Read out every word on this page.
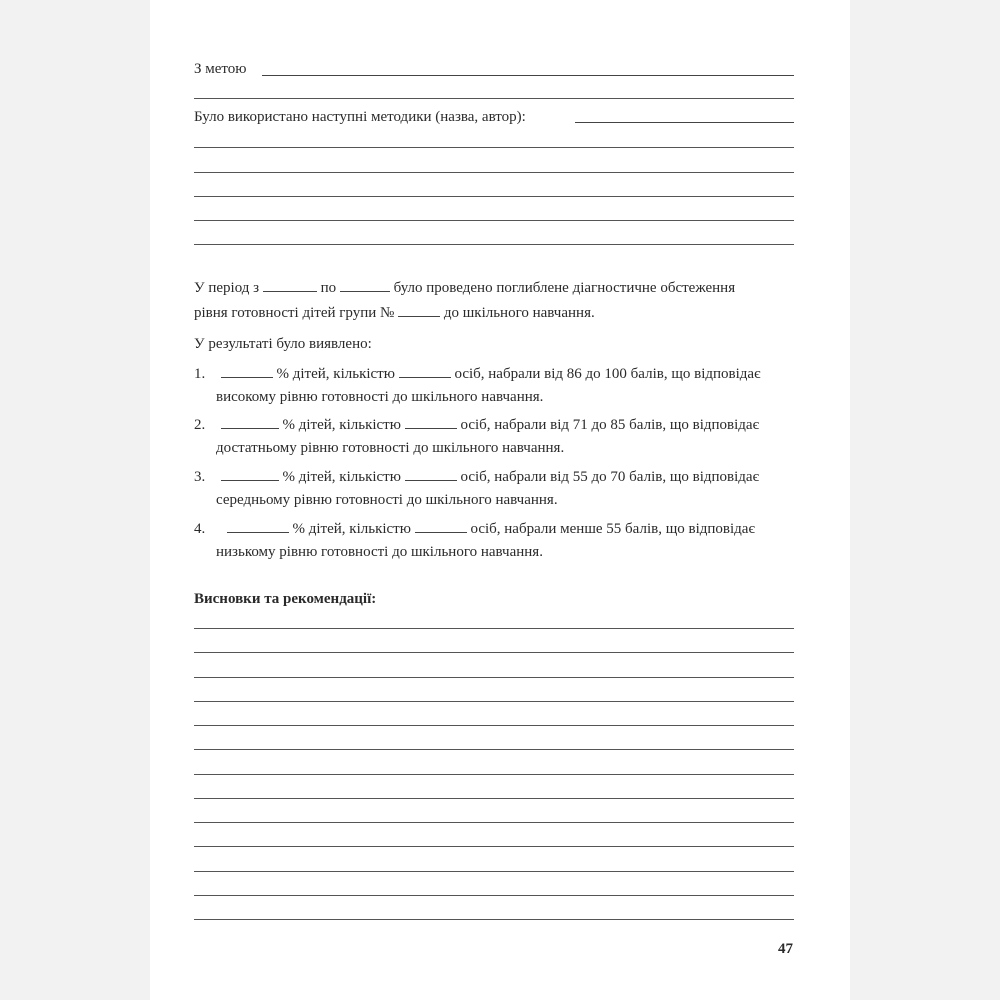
З метою
Було використано наступні методики (назва, автор):
У період з	по	було проведено поглиблене діагностичне обстеження
рівня готовності дітей групи №	до шкільного навчання.
У результаті було виявлено:
1.	% дітей, кількістю	осіб, набрали від 86 до 100 балів, що відповідає
високому рівню готовності до шкільного навчання.
2.	% дітей, кількістю	осіб, набрали від 71 до 85 балів, що відповідає
достатньому рівню готовності до шкільного навчання.
3.	% дітей, кількістю	осіб, набрали від 55 до 70 балів, що відповідає
середньому рівню готовності до шкільного навчання.
4.	% дітей, кількістю	осіб, набрали менше 55 балів, що відповідає
низькому рівню готовності до шкільного навчання.
Висновки та рекомендації:
47
